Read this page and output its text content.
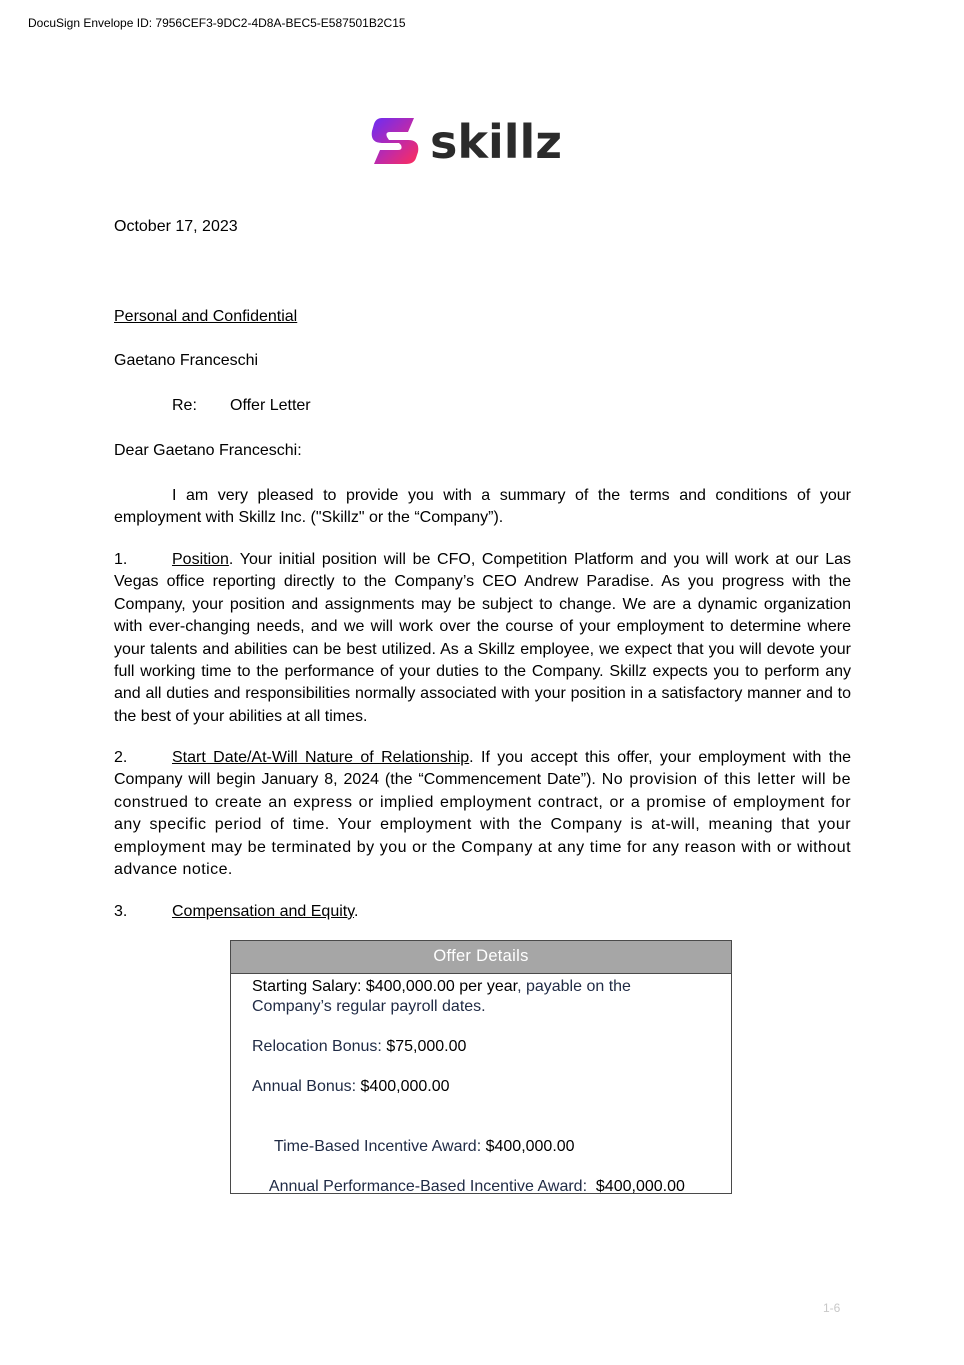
DocuSign Envelope ID: 7956CEF3-9DC2-4D8A-BEC5-E587501B2C15
skillz

October 17, 2023

Personal and Confidential

Gaetano Franceschi

Re: Offer Letter

Dear Gaetano Franceschi:

I am very pleased to provide you with a summary of the terms and conditions of your employment with Skillz Inc. ("Skillz" or the “Company”).

1.	Position. Your initial position will be CFO, Competition Platform and you will work at our Las Vegas office reporting directly to the Company’s CEO Andrew Paradise. As you progress with the Company, your position and assignments may be subject to change. We are a dynamic organization with ever-changing needs, and we will work over the course of your employment to determine where your talents and abilities can be best utilized. As a Skillz employee, we expect that you will devote your full working time to the performance of your duties to the Company. Skillz expects you to perform any and all duties and responsibilities normally associated with your position in a satisfactory manner and to the best of your abilities at all times.

2.	Start Date/At-Will Nature of Relationship. If you accept this offer, your employment with the Company will begin January 8, 2024 (the “Commencement Date”). No provision of this letter will be construed to create an express or implied employment contract, or a promise of employment for any specific period of time. Your employment with the Company is at-will, meaning that your employment may be terminated by you or the Company at any time for any reason with or without advance notice.

3.	Compensation and Equity.

Offer Details
Starting Salary: $400,000.00 per year, payable on the Company’s regular payroll dates.
Relocation Bonus: $75,000.00
Annual Bonus: $400,000.00

Time-Based Incentive Award: $400,000.00

Annual Performance-Based Incentive Award:  $400,000.00

1-6
